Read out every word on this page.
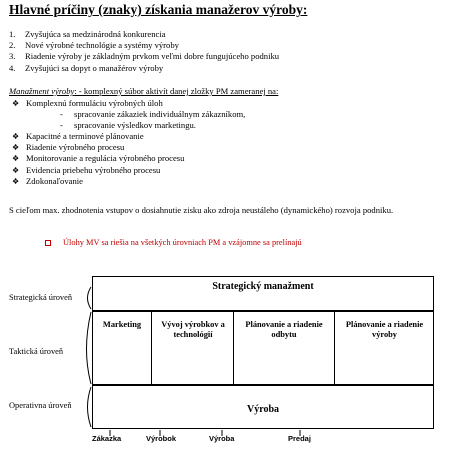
Hlavné príčiny (znaky) získania manažerov výroby:
1.	Zvyšujúca sa medzinárodná konkurencia
2.	Nové výrobné technológie a systémy výroby
3.	Riadenie výroby je základným prvkom veľmi dobre fungujúceho podniku
4.	Zvyšujúci sa dopyt o manažérov výroby
Manažment výroby: - komplexný súbor aktivít danej zložky PM zameranej na:
❖ Komplexnú formuláciu výrobných úloh
-	spracovanie zákaziek individuálnym zákazníkom,
-	spracovanie výsledkov marketingu.
❖ Kapacitné a terminové plánovanie
❖ Riadenie výrobného procesu
❖ Monitorovanie a regulácia výrobného procesu
❖ Evidencia priebehu výrobného procesu
❖ Zdokonaľovanie
S cieľom max. zhodnotenia vstupov o dosiahnutie zisku ako zdroja neustáleho (dynamického) rozvoja podniku.
Úlohy MV sa riešia na všetkých úrovniach PM a vzájomne sa prelínajú
Strategická úroveň
Taktická úroveň
Operativna úroveň
Strategický manažment
Marketing	Vývoj výrobkov a technológií
Plánovanie a riadenie odbytu
Plánovanie a riadenie výroby
Výroba
Zákazka	Výrobok	Výroba	Predaj
